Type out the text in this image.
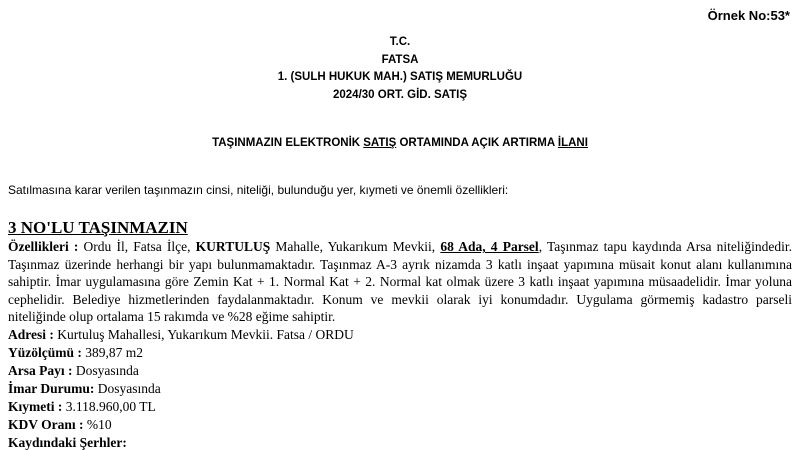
Örnek No:53*
T.C.
FATSA
1. (SULH HUKUK MAH.) SATIŞ MEMURLUĞU
2024/30 ORT. GİD. SATIŞ
TAŞINMAZIN ELEKTRONİK SATIŞ ORTAMINDA AÇIK ARTIRMA İLANI
Satılmasına karar verilen taşınmazın cinsi, niteliği, bulunduğu yer, kıymeti ve önemli özellikleri:
3 NO'LU TAŞINMAZIN

Özellikleri : Ordu İl, Fatsa İlçe, KURTULUŞ Mahalle, Yukarıkum Mevkii, 68 Ada, 4 Parsel, Taşınmaz tapu kaydında Arsa niteliğindedir. Taşınmaz üzerinde herhangi bir yapı bulunmamaktadır. Taşınmaz A-3 ayrık nizamda 3 katlı inşaat yapımına müsait konut alanı kullanımına sahiptir. İmar uygulamasına göre Zemin Kat + 1. Normal Kat + 2. Normal kat olmak üzere 3 katlı inşaat yapımına müsaadelidir. İmar yoluna cephelidir. Belediye hizmetlerinden faydalanmaktadır. Konum ve mevkii olarak iyi konumdadır. Uygulama görmemiş kadastro parseli niteliğinde olup ortalama 15 rakımda ve %28 eğime sahiptir.

Adresi : Kurtuluş Mahallesi, Yukarıkum Mevkii. Fatsa / ORDU

Yüzölçümü : 389,87 m2

Arsa Payı : Dosyasında

İmar Durumu: Dosyasında

Kıymeti : 3.118.960,00 TL

KDV Oranı : %10

Kaydındaki Şerhler:
